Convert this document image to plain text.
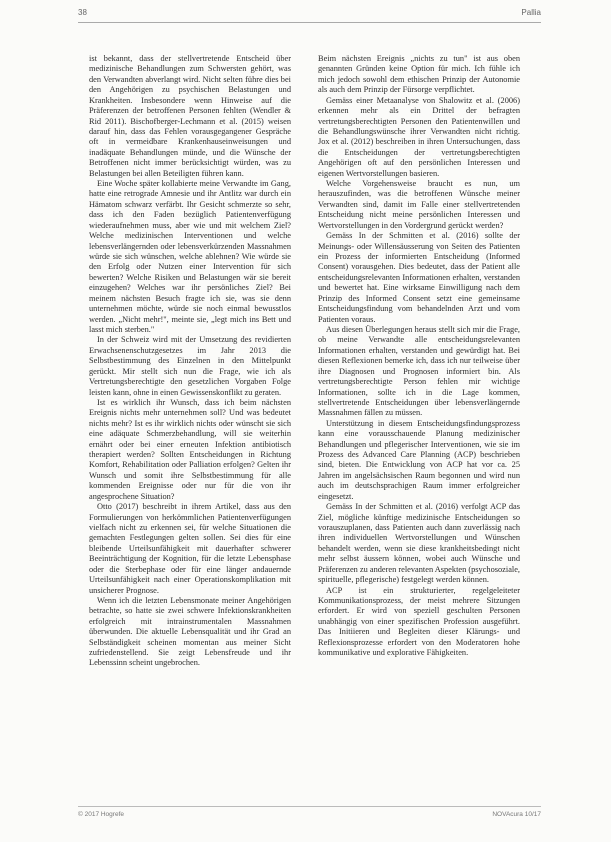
38	Pallia

ist bekannt, dass der stellvertretende Entscheid über medizinische Behandlungen zum Schwersten gehört, was den Verwandten abverlangt wird. Nicht selten führe dies bei den Angehörigen zu psychischen Belastungen und Krankheiten. Insbesondere wenn Hinweise auf die Präferenzen der betroffenen Personen fehlten (Wendler & Rid 2011). Bischofberger-Lechmann et al. (2015) weisen darauf hin, dass das Fehlen vorausgegangener Gespräche oft in vermeidbare Krankenhauseinweisungen und inadäquate Behandlungen münde, und die Wünsche der Betroffenen nicht immer berücksichtigt würden, was zu Belastungen bei allen Beteiligten führen kann.

Eine Woche später kollabierte meine Verwandte im Gang, hatte eine retrograde Amnesie und ihr Antlitz war durch ein Hämatom schwarz verfärbt. Ihr Gesicht schmerzte so sehr, dass ich den Faden bezüglich Patientenverfügung wiederaufnehmen muss, aber wie und mit welchem Ziel? Welche medizinischen Interventionen und welche lebensverlängernden oder lebensverkürzenden Massnahmen würde sie sich wünschen, welche ablehnen? Wie würde sie den Erfolg oder Nutzen einer Intervention für sich bewerten? Welche Risiken und Belastungen wär sie bereit einzugehen? Welches war ihr persönliches Ziel? Bei meinem nächsten Besuch fragte ich sie, was sie denn unternehmen möchte, würde sie noch einmal bewusstlos werden. „Nicht mehr!", meinte sie, „legt mich ins Bett und lasst mich sterben."

In der Schweiz wird mit der Umsetzung des revidierten Erwachsenenschutzgesetzes im Jahr 2013 die Selbstbestimmung des Einzelnen in den Mittelpunkt gerückt. Mir stellt sich nun die Frage, wie ich als Vertretungsberechtigte den gesetzlichen Vorgaben Folge leisten kann, ohne in einen Gewissenskonflikt zu geraten.

Ist es wirklich ihr Wunsch, dass ich beim nächsten Ereignis nichts mehr unternehmen soll? Und was bedeutet nichts mehr? Ist es ihr wirklich nichts oder wünscht sie sich eine adäquate Schmerzbehandlung, will sie weiterhin ernährt oder bei einer erneuten Infektion antibiotisch therapiert werden? Sollten Entscheidungen in Richtung Komfort, Rehabilitation oder Palliation erfolgen? Gelten ihr Wunsch und somit ihre Selbstbestimmung für alle kommenden Ereignisse oder nur für die von ihr angesprochene Situation?

Otto (2017) beschreibt in ihrem Artikel, dass aus den Formulierungen von herkömmlichen Patientenverfügungen vielfach nicht zu erkennen sei, für welche Situationen die gemachten Festlegungen gelten sollen. Sei dies für eine bleibende Urteilsunfähigkeit mit dauerhafter schwerer Beeinträchtigung der Kognition, für die letzte Lebensphase oder die Sterbephase oder für eine länger andauernde Urteilsunfähigkeit nach einer Operationskomplikation mit unsicherer Prognose.

Wenn ich die letzten Lebensmonate meiner Angehörigen betrachte, so hatte sie zwei schwere Infektionskrankheiten erfolgreich mit intrainstrumentalen Massnahmen überwunden. Die aktuelle Lebensqualität und ihr Grad an Selbständigkeit scheinen momentan aus meiner Sicht zufriedenstellend. Sie zeigt Lebensfreude und ihr Lebenssinn scheint ungebrochen.

Beim nächsten Ereignis „nichts zu tun" ist aus oben genannten Gründen keine Option für mich. Ich fühle ich mich jedoch sowohl dem ethischen Prinzip der Autonomie als auch dem Prinzip der Fürsorge verpflichtet.

Gemäss einer Metaanalyse von Shalowitz et al. (2006) erkennen mehr als ein Drittel der befragten vertretungsberechtigten Personen den Patientenwillen und die Behandlungswünsche ihrer Verwandten nicht richtig. Jox et al. (2012) beschreiben in ihren Untersuchungen, dass die Entscheidungen der vertretungsberechtigten Angehörigen oft auf den persönlichen Interessen und eigenen Wertvorstellungen basieren.

Welche Vorgehensweise braucht es nun, um herauszufinden, was die betroffenen Wünsche meiner Verwandten sind, damit im Falle einer stellvertretenden Entscheidung nicht meine persönlichen Interessen und Wertvorstellungen in den Vordergrund gerückt werden?

Gemäss In der Schmitten et al. (2016) sollte der Meinungs- oder Willensäusserung von Seiten des Patienten ein Prozess der informierten Entscheidung (Informed Consent) vorausgehen. Dies bedeutet, dass der Patient alle entscheidungsrelevanten Informationen erhalten, verstanden und bewertet hat. Eine wirksame Einwilligung nach dem Prinzip des Informed Consent setzt eine gemeinsame Entscheidungsfindung vom behandelnden Arzt und vom Patienten voraus.

Aus diesen Überlegungen heraus stellt sich mir die Frage, ob meine Verwandte alle entscheidungsrelevanten Informationen erhalten, verstanden und gewürdigt hat. Bei diesen Reflexionen bemerke ich, dass ich nur teilweise über ihre Diagnosen und Prognosen informiert bin. Als vertretungsberechtigte Person fehlen mir wichtige Informationen, sollte ich in die Lage kommen, stellvertretende Entscheidungen über lebensverlängernde Massnahmen fällen zu müssen.

Unterstützung in diesem Entscheidungsfindungsprozess kann eine vorausschauende Planung medizinischer Behandlungen und pflegerischer Interventionen, wie sie im Prozess des Advanced Care Planning (ACP) beschrieben sind, bieten. Die Entwicklung von ACP hat vor ca. 25 Jahren im angelsächsischen Raum begonnen und wird nun auch im deutschsprachigen Raum immer erfolgreicher eingesetzt.

Gemäss In der Schmitten et al. (2016) verfolgt ACP das Ziel, mögliche künftige medizinische Entscheidungen so vorauszuplanen, dass Patienten auch dann zuverlässig nach ihren individuellen Wertvorstellungen und Wünschen behandelt werden, wenn sie diese krankheitsbedingt nicht mehr selbst äussern können, wobei auch Wünsche und Präferenzen zu anderen relevanten Aspekten (psychosoziale, spirituelle, pflegerische) festgelegt werden können.

ACP ist ein strukturierter, regelgeleiteter Kommunikationsprozess, der meist mehrere Sitzungen erfordert. Er wird von speziell geschulten Personen unabhängig von einer spezifischen Profession ausgeführt. Das Initiieren und Begleiten dieser Klärungs- und Reflexionsprozesse erfordert von den Moderatoren hohe kommunikative und explorative Fähigkeiten.

© 2017 Hogrefe	NOVAcura 10/17
